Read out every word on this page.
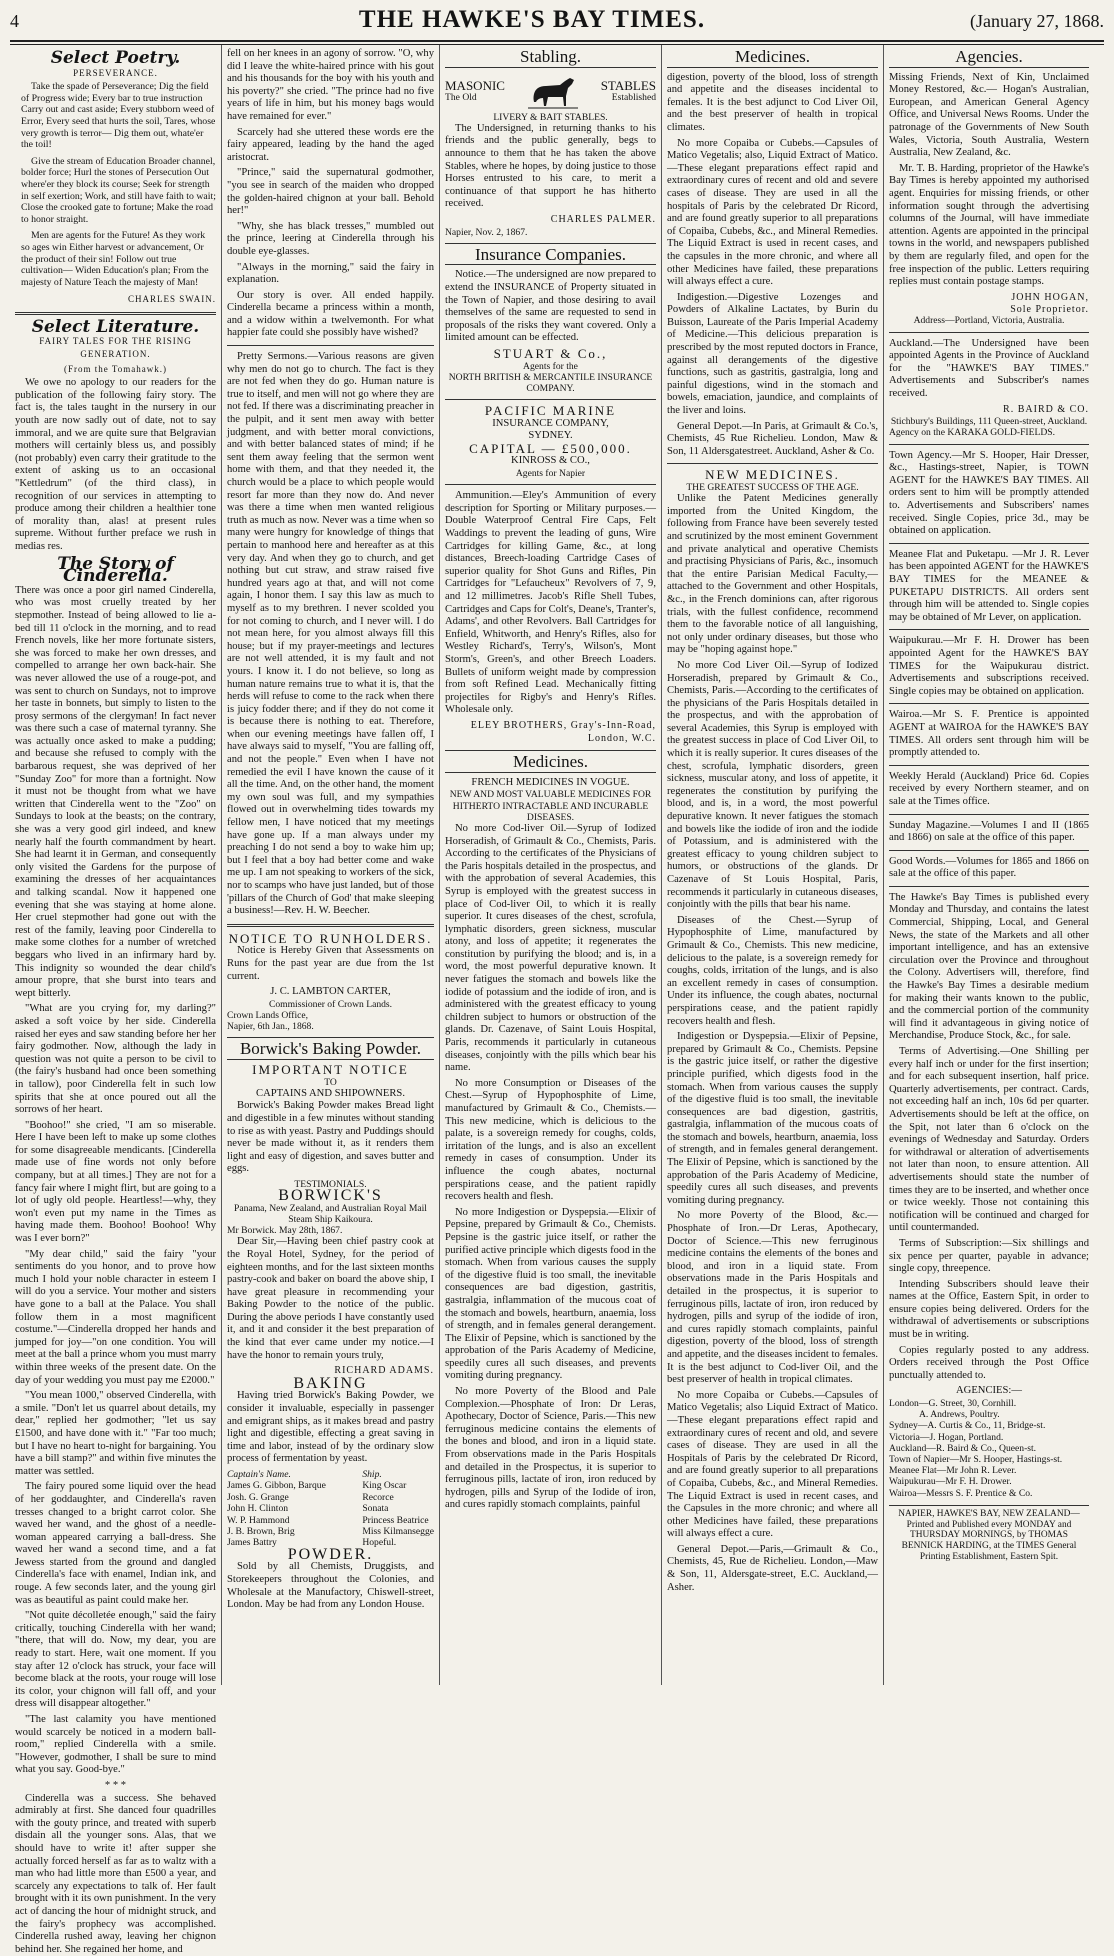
4	THE HAWKE'S BAY TIMES.	(January 27, 1868.
Select Poetry.
PERSEVERANCE.

Take the spade of Perseverance; Dig the field of Progress wide; Every bar to true instruction Carry out and cast aside; Every stubborn weed of Error, Every seed that hurts the soil, Tares, whose very growth is terror— Dig them out, whate'er the toil!

Give the stream of Education Broader channel, bolder force; Hurl the stones of Persecution Out where'er they block its course; Seek for strength in self exertion; Work, and still have faith to wait; Close the crooked gate to fortune; Make the road to honor straight.

Men are agents for the Future! As they work so ages win Either harvest or advancement, Or the product of their sin! Follow out true cultivation— Widen Education's plan; From the majesty of Nature Teach the majesty of Man!

CHARLES SWAIN.
Select Literature.
FAIRY TALES FOR THE RISING GENERATION.
(From the Tomahawk.)

We owe no apology to our readers for the publication of the following fairy story. The fact is, the tales taught in the nursery in our youth are now sadly out of date, not to say immoral, and we are quite sure that Belgravian mothers will certainly bless us, and possibly (not probably) even carry their gratitude to the extent of asking us to an occasional "Kettledrum" (of the third class), in recognition of our services in attempting to produce among their children a healthier tone of morality than, alas! at present rules supreme. Without further preface we rush in medias res.

The Story of Cinderella.

There was once a poor girl named Cinderella, who was most cruelly treated by her stepmother. Instead of being allowed to lie a-bed till 11 o'clock in the morning, and to read French novels, like her more fortunate sisters, she was forced to make her own dresses, and compelled to arrange her own back-hair. She was never allowed the use of a rouge-pot, and was sent to church on Sundays, not to improve her taste in bonnets, but simply to listen to the prosy sermons of the clergyman! In fact never was there such a case of maternal tyranny. She was actually once asked to make a pudding; and because she refused to comply with the barbarous request, she was deprived of her "Sunday Zoo" for more than a fortnight. Now it must not be thought from what we have written that Cinderella went to the "Zoo" on Sundays to look at the beasts; on the contrary, she was a very good girl indeed, and knew nearly half the fourth commandment by heart. She had learnt it in German, and consequently only visited the Gardens for the purpose of examining the dresses of her acquaintances and talking scandal. Now it happened one evening that she was staying at home alone. Her cruel stepmother had gone out with the rest of the family, leaving poor Cinderella to make some clothes for a number of wretched beggars who lived in an infirmary hard by. This indignity so wounded the dear child's amour propre, that she burst into tears and wept bitterly.

"What are you crying for, my darling?" asked a soft voice by her side. Cinderella raised her eyes and saw standing before her her fairy godmother. Now, although the lady in question was not quite a person to be civil to (the fairy's husband had once been something in tallow), poor Cinderella felt in such low spirits that she at once poured out all the sorrows of her heart.

"Boohoo!" she cried, "I am so miserable. Here I have been left to make up some clothes for some disagreeable mendicants. [Cinderella made use of fine words not only before company, but at all times.] They are not for a fancy fair where I might flirt, but are going to a lot of ugly old people. Heartless!—why, they won't even put my name in the Times as having made them. Boohoo! Boohoo! Why was I ever born?"

"My dear child," said the fairy "your sentiments do you honor, and to prove how much I hold your noble character in esteem I will do you a service. Your mother and sisters have gone to a ball at the Palace. You shall follow them in a most magnificent costume."—Cinderella dropped her hands and jumped for joy—"on one condition. You will meet at the ball a prince whom you must marry within three weeks of the present date. On the day of your wedding you must pay me £2000."

"You mean 1000," observed Cinderella, with a smile. "Don't let us quarrel about details, my dear," replied her godmother; "let us say £1500, and have done with it." "Far too much; but I have no heart to-night for bargaining. You have a bill stamp?" and within five minutes the matter was settled.

The fairy poured some liquid over the head of her goddaughter, and Cinderella's raven tresses changed to a bright carrot color. She waved her wand, and the ghost of a needle-woman appeared carrying a ball-dress. She waved her wand a second time, and a fat Jewess started from the ground and dangled Cinderella's face with enamel, Indian ink, and rouge. A few seconds later, and the young girl was as beautiful as paint could make her.

"Not quite décolletée enough," said the fairy critically, touching Cinderella with her wand; "there, that will do. Now, my dear, you are ready to start. Here, wait one moment. If you stay after 12 o'clock has struck, your face will become black at the roots, your rouge will lose its color, your chignon will fall off, and your dress will disappear altogether."

"The last calamity you have mentioned would scarcely be noticed in a modern ball-room," replied Cinderella with a smile. "However, godmother, I shall be sure to mind what you say. Good-bye."

* * *

Cinderella was a success. She behaved admirably at first. She danced four quadrilles with the gouty prince, and treated with superb disdain all the younger sons. Alas, that we should have to write it! after supper she actually forced herself as far as to waltz with a man who had little more than £500 a year, and scarcely any expectations to talk of. Her fault brought with it its own punishment. In the very act of dancing the hour of midnight struck, and the fairy's prophecy was accomplished. Cinderella rushed away, leaving her chignon behind her. She regained her home, and

fell on her knees in an agony of sorrow. "O, why did I leave the white-haired prince with his gout and his thousands for the boy with his youth and his poverty?" she cried. "The prince had no five years of life in him, but his money bags would have remained for ever."

Scarcely had she uttered these words ere the fairy appeared, leading by the hand the aged aristocrat.

"Prince," said the supernatural godmother, "you see in search of the maiden who dropped the golden-haired chignon at your ball. Behold her!"

"Why, she has black tresses," mumbled out the prince, leering at Cinderella through his double eye-glasses.

"Always in the morning," said the fairy in explanation.

Our story is over. All ended happily. Cinderella became a princess within a month, and a widow within a twelvemonth. For what happier fate could she possibly have wished?

Pretty Sermons.—Various reasons are given why men do not go to church. The fact is they are not fed when they do go. Human nature is true to itself, and men will not go where they are not fed. If there was a discriminating preacher in the pulpit, and it sent men away with better judgment, and with better moral convictions, and with better balanced states of mind; if he sent them away feeling that the sermon went home with them, and that they needed it, the church would be a place to which people would resort far more than they now do. And never was there a time when men wanted religious truth as much as now. Never was a time when so many were hungry for knowledge of things that pertain to manhood here and hereafter as at this very day. And when they go to church, and get nothing but cut straw, and straw raised five hundred years ago at that, and will not come again, I honor them. I say this law as much to myself as to my brethren. I never scolded you for not coming to church, and I never will. I do not mean here, for you almost always fill this house; but if my prayer-meetings and lectures are not well attended, it is my fault and not yours. I know it. I do not believe, so long as human nature remains true to what it is, that the herds will refuse to come to the rack when there is juicy fodder there; and if they do not come it is because there is nothing to eat. Therefore, when our evening meetings have fallen off, I have always said to myself, "You are falling off, and not the people." Even when I have not remedied the evil I have known the cause of it all the time. And, on the other hand, the moment my own soul was full, and my sympathies flowed out in overwhelming tides towards my fellow men, I have noticed that my meetings have gone up. If a man always under my preaching I do not send a boy to wake him up; but I feel that a boy had better come and wake me up. I am not speaking to workers of the sick, nor to scamps who have just landed, but of those 'pillars of the Church of God' that make sleeping a business!—Rev. H. W. Beecher.

NOTICE TO RUNHOLDERS.

Notice is Hereby Given that Assessments on Runs for the past year are due from the 1st current.

J. C. LAMBTON CARTER,
Commissioner of Crown Lands.
Crown Lands Office,
Napier, 6th Jan., 1868.
Borwick's Baking Powder.
IMPORTANT NOTICE
TO
CAPTAINS AND SHIPOWNERS.

Borwick's Baking Powder makes Bread light and digestible in a few minutes without standing to rise as with yeast. Pastry and Puddings should never be made without it, as it renders them light and easy of digestion, and saves butter and eggs.

TESTIMONIALS.
BORWICK'S
Panama, New Zealand, and Australian Royal Mail Steam Ship Kaikoura.
Mr Borwick. May 28th, 1867.

Dear Sir,—Having been chief pastry cook at the Royal Hotel, Sydney, for the period of eighteen months, and for the last sixteen months pastry-cook and baker on board the above ship, I have great pleasure in recommending your Baking Powder to the notice of the public. During the above periods I have constantly used it, and it and consider it the best preparation of the kind that ever came under my notice.—I have the honor to remain yours truly,

RICHARD ADAMS.
BAKING

Having tried Borwick's Baking Powder, we consider it invaluable, especially in passenger and emigrant ships, as it makes bread and pastry light and digestible, effecting a great saving in time and labor, instead of by the ordinary slow process of fermentation by yeast.

Captain's Name.
James G. Gibbon, Barque
Josh. G. Grange
John H. Clinton
W. P. Hammond
J. B. Brown, Brig
James Battry
Ship.
King Oscar
Recorce
Sonata
Princess Beatrice
Miss Kilmansegge
Hopeful.
POWDER.

Sold by all Chemists, Druggists, and Storekeepers throughout the Colonies, and Wholesale at the Manufactory, Chiswell-street, London. May be had from any London House.

Stabling.
MASONIC
The Old
STABLES
Established
LIVERY & BAIT STABLES.

The Undersigned, in returning thanks to his friends and the public generally, begs to announce to them that he has taken the above Stables, where he hopes, by doing justice to those Horses entrusted to his care, to merit a continuance of that support he has hitherto received.

CHARLES PALMER.
Napier, Nov. 2, 1867.
Insurance Companies.

Notice.—The undersigned are now prepared to extend the INSURANCE of Property situated in the Town of Napier, and those desiring to avail themselves of the same are requested to send in proposals of the risks they want covered. Only a limited amount can be effected.

STUART & Co.,
Agents for the
NORTH BRITISH & MERCANTILE INSURANCE COMPANY.
PACIFIC MARINE
INSURANCE COMPANY,
SYDNEY.
CAPITAL — £500,000.
KINROSS & CO.,
Agents for Napier

Ammunition.—Eley's Ammunition of every description for Sporting or Military purposes.—Double Waterproof Central Fire Caps, Felt Waddings to prevent the leading of guns, Wire Cartridges for killing Game, &c., at long distances, Breech-loading Cartridge Cases of superior quality for Shot Guns and Rifles, Pin Cartridges for "Lefaucheux" Revolvers of 7, 9, and 12 millimetres. Jacob's Rifle Shell Tubes, Cartridges and Caps for Colt's, Deane's, Tranter's, Adams', and other Revolvers. Ball Cartridges for Enfield, Whitworth, and Henry's Rifles, also for Westley Richard's, Terry's, Wilson's, Mont Storm's, Green's, and other Breech Loaders. Bullets of uniform weight made by compression from soft Refined Lead. Mechanically fitting projectiles for Rigby's and Henry's Rifles. Wholesale only.

ELEY BROTHERS, Gray's-Inn-Road, London, W.C.
Medicines.
FRENCH MEDICINES IN VOGUE.
NEW AND MOST VALUABLE MEDICINES FOR HITHERTO INTRACTABLE AND INCURABLE DISEASES.

No more Cod-liver Oil.—Syrup of Iodized Horseradish, of Grimault & Co., Chemists, Paris. According to the certificates of the Physicians of the Paris hospitals detailed in the prospectus, and with the approbation of several Academies, this Syrup is employed with the greatest success in place of Cod-liver Oil, to which it is really superior. It cures diseases of the chest, scrofula, lymphatic disorders, green sickness, muscular atony, and loss of appetite; it regenerates the constitution by purifying the blood; and is, in a word, the most powerful depurative known. It never fatigues the stomach and bowels like the iodide of potassium and the iodide of iron, and is administered with the greatest efficacy to young children subject to humors or obstruction of the glands. Dr. Cazenave, of Saint Louis Hospital, Paris, recommends it particularly in cutaneous diseases, conjointly with the pills which bear his name.

No more Consumption or Diseases of the Chest.—Syrup of Hypophosphite of Lime, manufactured by Grimault & Co., Chemists.—This new medicine, which is delicious to the palate, is a sovereign remedy for coughs, colds, irritation of the lungs, and is also an excellent remedy in cases of consumption. Under its influence the cough abates, nocturnal perspirations cease, and the patient rapidly recovers health and flesh.

No more Indigestion or Dyspepsia.—Elixir of Pepsine, prepared by Grimault & Co., Chemists. Pepsine is the gastric juice itself, or rather the purified active principle which digests food in the stomach. When from various causes the supply of the digestive fluid is too small, the inevitable consequences are bad digestion, gastritis, gastralgia, inflammation of the mucous coat of the stomach and bowels, heartburn, anaemia, loss of strength, and in females general derangement. The Elixir of Pepsine, which is sanctioned by the approbation of the Paris Academy of Medicine, speedily cures all such diseases, and prevents vomiting during pregnancy.

No more Poverty of the Blood and Pale Complexion.—Phosphate of Iron: Dr Leras, Apothecary, Doctor of Science, Paris.—This new ferruginous medicine contains the elements of the bones and blood, and iron in a liquid state. From observations made in the Paris Hospitals and detailed in the Prospectus, it is superior to ferruginous pills, lactate of iron, iron reduced by hydrogen, pills and Syrup of the Iodide of iron, and cures rapidly stomach complaints, painful

Medicines.

digestion, poverty of the blood, loss of strength and appetite and the diseases incidental to females. It is the best adjunct to Cod Liver Oil, and the best preserver of health in tropical climates.

No more Copaiba or Cubebs.—Capsules of Matico Vegetalis; also, Liquid Extract of Matico.—These elegant preparations effect rapid and extraordinary cures of recent and old and severe cases of disease. They are used in all the hospitals of Paris by the celebrated Dr Ricord, and are found greatly superior to all preparations of Copaiba, Cubebs, &c., and Mineral Remedies. The Liquid Extract is used in recent cases, and the capsules in the more chronic, and where all other Medicines have failed, these preparations will always effect a cure.

Indigestion.—Digestive Lozenges and Powders of Alkaline Lactates, by Burin du Buisson, Laureate of the Paris Imperial Academy of Medicine.—This delicious preparation is prescribed by the most reputed doctors in France, against all derangements of the digestive functions, such as gastritis, gastralgia, long and painful digestions, wind in the stomach and bowels, emaciation, jaundice, and complaints of the liver and loins.

General Depot.—In Paris, at Grimault & Co.'s, Chemists, 45 Rue Richelieu. London, Maw & Son, 11 Aldersgatestreet. Auckland, Asher & Co.

NEW MEDICINES.
THE GREATEST SUCCESS OF THE AGE.

Unlike the Patent Medicines generally imported from the United Kingdom, the following from France have been severely tested and scrutinized by the most eminent Government and private analytical and operative Chemists and practising Physicians of Paris, &c., insomuch that the entire Parisian Medical Faculty,—attached to the Government and other Hospitals, &c., in the French dominions can, after rigorous trials, with the fullest confidence, recommend them to the favorable notice of all languishing, not only under ordinary diseases, but those who may be "hoping against hope."

No more Cod Liver Oil.—Syrup of Iodized Horseradish, prepared by Grimault & Co., Chemists, Paris.—According to the certificates of the physicians of the Paris Hospitals detailed in the prospectus, and with the approbation of several Academies, this Syrup is employed with the greatest success in place of Cod Liver Oil, to which it is really superior. It cures diseases of the chest, scrofula, lymphatic disorders, green sickness, muscular atony, and loss of appetite, it regenerates the constitution by purifying the blood, and is, in a word, the most powerful depurative known. It never fatigues the stomach and bowels like the iodide of iron and the iodide of Potassium, and is administered with the greatest efficacy to young children subject to humors, or obstructions of the glands. Dr Cazenave of St Louis Hospital, Paris, recommends it particularly in cutaneous diseases, conjointly with the pills that bear his name.

Diseases of the Chest.—Syrup of Hypophosphite of Lime, manufactured by Grimault & Co., Chemists. This new medicine, delicious to the palate, is a sovereign remedy for coughs, colds, irritation of the lungs, and is also an excellent remedy in cases of consumption. Under its influence, the cough abates, nocturnal perspirations cease, and the patient rapidly recovers health and flesh.

Indigestion or Dyspepsia.—Elixir of Pepsine, prepared by Grimault & Co., Chemists. Pepsine is the gastric juice itself, or rather the digestive principle purified, which digests food in the stomach. When from various causes the supply of the digestive fluid is too small, the inevitable consequences are bad digestion, gastritis, gastralgia, inflammation of the mucous coats of the stomach and bowels, heartburn, anaemia, loss of strength, and in females general derangement. The Elixir of Pepsine, which is sanctioned by the approbation of the Paris Academy of Medicine, speedily cures all such diseases, and prevents vomiting during pregnancy.

No more Poverty of the Blood, &c.—Phosphate of Iron.—Dr Leras, Apothecary, Doctor of Science.—This new ferruginous medicine contains the elements of the bones and blood, and iron in a liquid state. From observations made in the Paris Hospitals and detailed in the prospectus, it is superior to ferruginous pills, lactate of iron, iron reduced by hydrogen, pills and syrup of the iodide of iron, and cures rapidly stomach complaints, painful digestion, poverty of the blood, loss of strength and appetite, and the diseases incident to females. It is the best adjunct to Cod-liver Oil, and the best preserver of health in tropical climates.

No more Copaiba or Cubebs.—Capsules of Matico Vegetalis; also Liquid Extract of Matico.—These elegant preparations effect rapid and extraordinary cures of recent and old, and severe cases of disease. They are used in all the Hospitals of Paris by the celebrated Dr Ricord, and are found greatly superior to all preparations of Copaiba, Cubebs, &c., and Mineral Remedies. The Liquid Extract is used in recent cases, and the Capsules in the more chronic; and where all other Medicines have failed, these preparations will always effect a cure.

General Depot.—Paris,—Grimault & Co., Chemists, 45, Rue de Richelieu. London,—Maw & Son, 11, Aldersgate-street, E.C. Auckland,—Asher.

Agencies.

Missing Friends, Next of Kin, Unclaimed Money Restored, &c.— Hogan's Australian, European, and American General Agency Office, and Universal News Rooms. Under the patronage of the Governments of New South Wales, Victoria, South Australia, Western Australia, New Zealand, &c.

Mr. T. B. Harding, proprietor of the Hawke's Bay Times is hereby appointed my authorised agent. Enquiries for missing friends, or other information sought through the advertising columns of the Journal, will have immediate attention. Agents are appointed in the principal towns in the world, and newspapers published by them are regularly filed, and open for the free inspection of the public. Letters requiring replies must contain postage stamps.

JOHN HOGAN,
Sole Proprietor.
Address—Portland, Victoria, Australia.

Auckland.—The Undersigned have been appointed Agents in the Province of Auckland for the "HAWKE'S BAY TIMES." Advertisements and Subscriber's names received.

R. BAIRD & CO.
Stichbury's Buildings, 111 Queen-street, Auckland.
Agency on the KARAKA GOLD-FIELDS.

Town Agency.—Mr S. Hooper, Hair Dresser, &c., Hastings-street, Napier, is TOWN AGENT for the HAWKE'S BAY TIMES. All orders sent to him will be promptly attended to. Advertisements and Subscribers' names received. Single Copies, price 3d., may be obtained on application.

Meanee Flat and Puketapu. —Mr J. R. Lever has been appointed AGENT for the HAWKE'S BAY TIMES for the MEANEE & PUKETAPU DISTRICTS. All orders sent through him will be attended to. Single copies may be obtained of Mr Lever, on application.

Waipukurau.—Mr F. H. Drower has been appointed Agent for the HAWKE'S BAY TIMES for the Waipukurau district. Advertisements and subscriptions received. Single copies may be obtained on application.

Wairoa.—Mr S. F. Prentice is appointed AGENT at WAIROA for the HAWKE'S BAY TIMES. All orders sent through him will be promptly attended to.

Weekly Herald (Auckland) Price 6d. Copies received by every Northern steamer, and on sale at the Times office.

Sunday Magazine.—Volumes I and II (1865 and 1866) on sale at the office of this paper.

Good Words.—Volumes for 1865 and 1866 on sale at the office of this paper.

The Hawke's Bay Times is published every Monday and Thursday, and contains the latest Commercial, Shipping, Local, and General News, the state of the Markets and all other important intelligence, and has an extensive circulation over the Province and throughout the Colony. Advertisers will, therefore, find the Hawke's Bay Times a desirable medium for making their wants known to the public, and the commercial portion of the community will find it advantageous in giving notice of Merchandise, Produce Stock, &c., for sale.

Terms of Advertising.—One Shilling per every half inch or under for the first insertion; and for each subsequent insertion, half price. Quarterly advertisements, per contract. Cards, not exceeding half an inch, 10s 6d per quarter. Advertisements should be left at the office, on the Spit, not later than 6 o'clock on the evenings of Wednesday and Saturday. Orders for withdrawal or alteration of advertisements not later than noon, to ensure attention. All advertisements should state the number of times they are to be inserted, and whether once or twice weekly. Those not containing this notification will be continued and charged for until countermanded.

Terms of Subscription:—Six shillings and six pence per quarter, payable in advance; single copy, threepence.

Intending Subscribers should leave their names at the Office, Eastern Spit, in order to ensure copies being delivered. Orders for the withdrawal of advertisements or subscriptions must be in writing.

Copies regularly posted to any address. Orders received through the Post Office punctually attended to.

AGENCIES:—
London—G. Street, 30, Cornhill.
A. Andrews, Poultry.
Sydney—A. Curtis & Co., 11, Bridge-st.
Victoria—J. Hogan, Portland.
Auckland—R. Baird & Co., Queen-st.
Town of Napier—Mr S. Hooper, Hastings-st.
Meanee Flat—Mr John R. Lever.
Waipukurau—Mr F. H. Drower.
Wairoa—Messrs S. F. Prentice & Co.
NAPIER, HAWKE'S BAY, NEW ZEALAND—Printed and Published every MONDAY and THURSDAY MORNINGS, by THOMAS BENNICK HARDING, at the TIMES General Printing Establishment, Eastern Spit.
